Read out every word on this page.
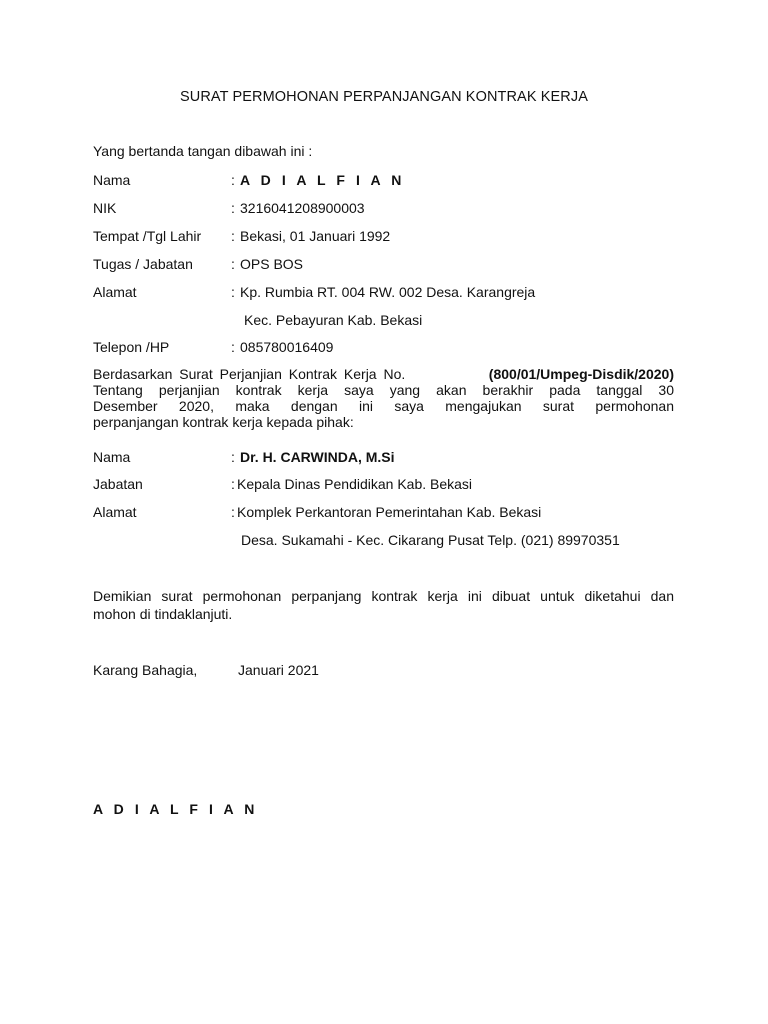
SURAT PERMOHONAN PERPANJANGAN KONTRAK KERJA
Yang bertanda tangan dibawah ini :
Nama	: A D I A L F I A N
NIK	: 3216041208900003
Tempat /Tgl Lahir : Bekasi, 01 Januari 1992
Tugas / Jabatan	: OPS BOS
Alamat	: Kp. Rumbia RT. 004 RW. 002 Desa. Karangreja
Kec. Pebayuran Kab. Bekasi
Telepon /HP	: 085780016409
Berdasarkan Surat Perjanjian Kontrak Kerja No.	(800/01/Umpeg-Disdik/2020)
Tentang perjanjian kontrak kerja saya yang akan berakhir pada tanggal 30
Desember 2020, maka dengan ini saya mengajukan surat permohonan
perpanjangan kontrak kerja kepada pihak:
Nama	: Dr. H. CARWINDA, M.Si
Jabatan	: Kepala Dinas Pendidikan Kab. Bekasi
Alamat	: Komplek Perkantoran Pemerintahan Kab. Bekasi
Desa. Sukamahi - Kec. Cikarang Pusat Telp. (021) 89970351
Demikian surat permohonan perpanjang kontrak kerja ini dibuat untuk diketahui dan
mohon di tindaklanjuti.
Karang Bahagia,	Januari 2021
A D I A L F I A N
